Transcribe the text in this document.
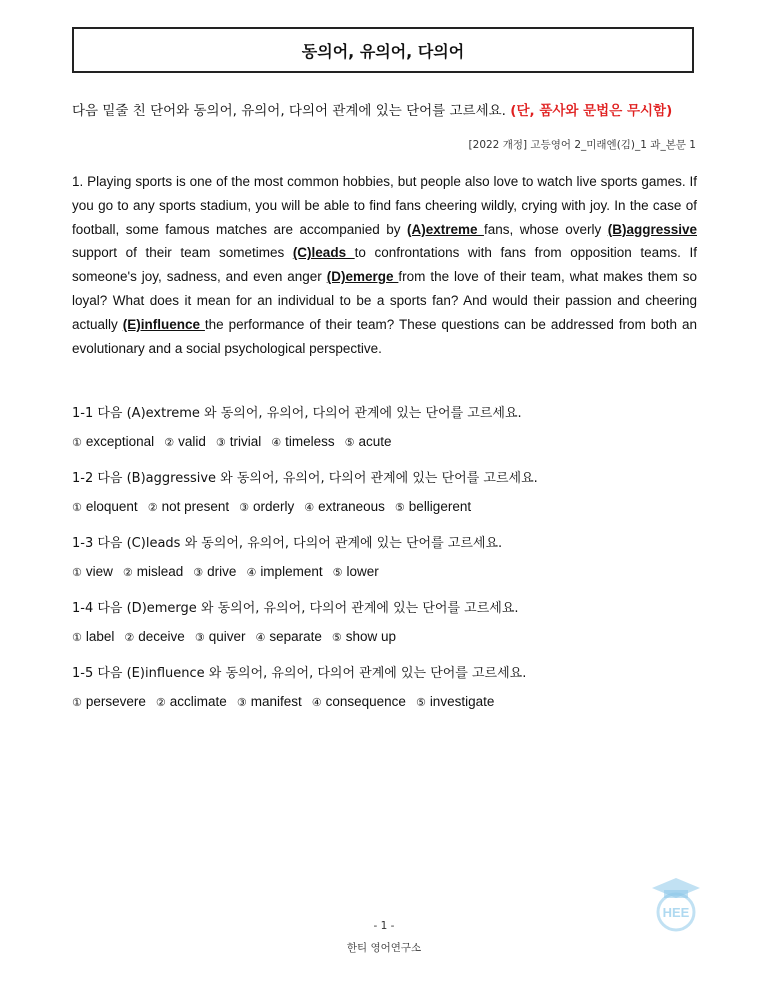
동의어, 유의어, 다의어
다음 밑줄 친 단어와 동의어, 유의어, 다의어 관계에 있는 단어를 고르세요. (단, 품사와 문법은 무시함)
[2022 개정] 고등영어 2_미래엔(김)_1 과_본문 1
1. Playing sports is one of the most common hobbies, but people also love to watch live sports games. If you go to any sports stadium, you will be able to find fans cheering wildly, crying with joy. In the case of football, some famous matches are accompanied by (A)extreme fans, whose overly (B)aggressive support of their team sometimes (C)leads to confrontations with fans from opposition teams. If someone's joy, sadness, and even anger (D)emerge from the love of their team, what makes them so loyal? What does it mean for an individual to be a sports fan? And would their passion and cheering actually (E)influence the performance of their team? These questions can be addressed from both an evolutionary and a social psychological perspective.
1-1 다음 (A)extreme 와 동의어, 유의어, 다의어 관계에 있는 단어를 고르세요.
① exceptional ② valid ③ trivial ④ timeless ⑤ acute
1-2 다음 (B)aggressive 와 동의어, 유의어, 다의어 관계에 있는 단어를 고르세요.
① eloquent ② not present ③ orderly ④ extraneous ⑤ belligerent
1-3 다음 (C)leads 와 동의어, 유의어, 다의어 관계에 있는 단어를 고르세요.
① view ② mislead ③ drive ④ implement ⑤ lower
1-4 다음 (D)emerge 와 동의어, 유의어, 다의어 관계에 있는 단어를 고르세요.
① label ② deceive ③ quiver ④ separate ⑤ show up
1-5 다음 (E)influence 와 동의어, 유의어, 다의어 관계에 있는 단어를 고르세요.
① persevere ② acclimate ③ manifest ④ consequence ⑤ investigate
- 1 -
한티 영어연구소
HEE
